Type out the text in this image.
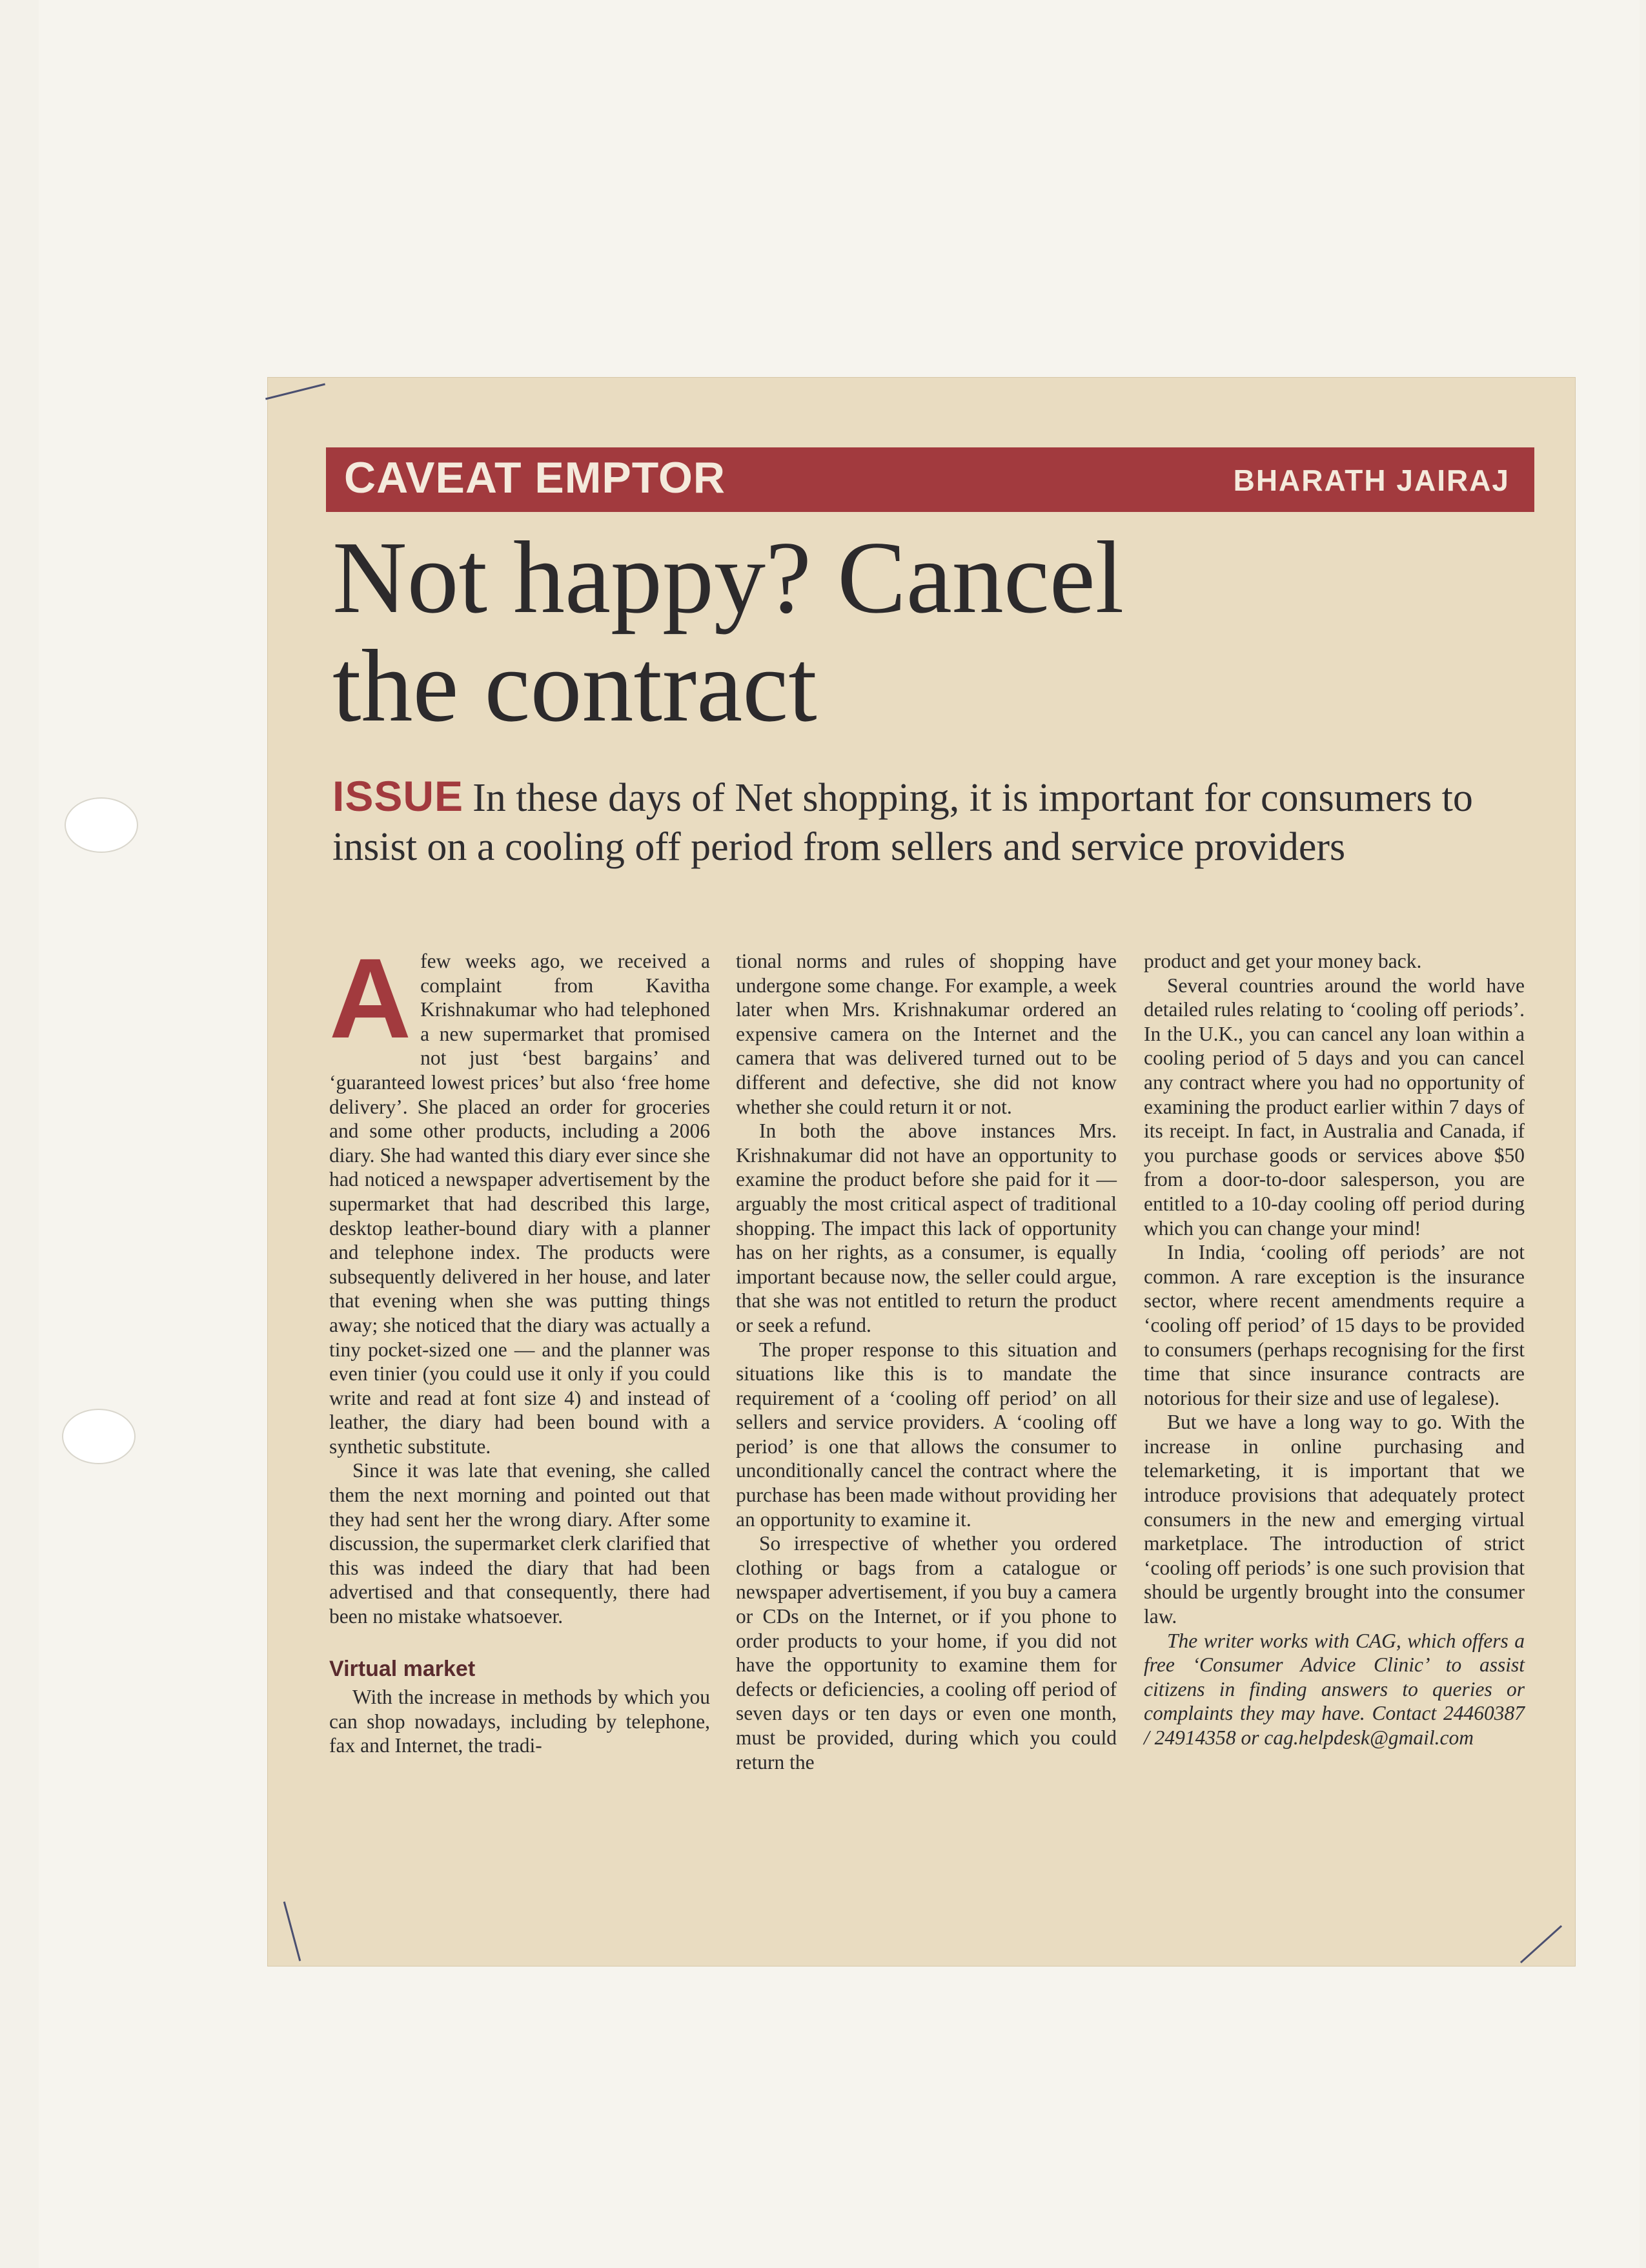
CAVEAT EMPTOR	BHARATH JAIRAJ
Not happy? Cancel
the contract

ISSUE In these days of Net shopping, it is important for consumers to insist on a cooling off period from sellers and service providers

A few weeks ago, we received a complaint from Kavitha Krishnakumar who had telephoned a new supermarket that promised not just ‘best bargains’ and ‘guaranteed lowest prices’ but also ‘free home delivery’. She placed an order for groceries and some other products, including a 2006 diary. She had wanted this diary ever since she had noticed a newspaper advertisement by the supermarket that had described this large, desktop leather-bound diary with a planner and telephone index. The products were subsequently delivered in her house, and later that evening when she was putting things away; she noticed that the diary was actually a tiny pocket-sized one — and the planner was even tinier (you could use it only if you could write and read at font size 4) and instead of leather, the diary had been bound with a synthetic substitute.

Since it was late that evening, she called them the next morning and pointed out that they had sent her the wrong diary. After some discussion, the supermarket clerk clarified that this was indeed the diary that had been advertised and that consequently, there had been no mistake whatsoever.

Virtual market

With the increase in methods by which you can shop nowadays, including by telephone, fax and Internet, the tradi-

tional norms and rules of shopping have undergone some change. For example, a week later when Mrs. Krishnakumar ordered an expensive camera on the Internet and the camera that was delivered turned out to be different and defective, she did not know whether she could return it or not.

In both the above instances Mrs. Krishnakumar did not have an opportunity to examine the product before she paid for it — arguably the most critical aspect of traditional shopping. The impact this lack of opportunity has on her rights, as a consumer, is equally important because now, the seller could argue, that she was not entitled to return the product or seek a refund.

The proper response to this situation and situations like this is to mandate the requirement of a ‘cooling off period’ on all sellers and service providers. A ‘cooling off period’ is one that allows the consumer to unconditionally cancel the contract where the purchase has been made without providing her an opportunity to examine it.

So irrespective of whether you ordered clothing or bags from a catalogue or newspaper advertisement, if you buy a camera or CDs on the Internet, or if you phone to order products to your home, if you did not have the opportunity to examine them for defects or deficiencies, a cooling off period of seven days or ten days or even one month, must be provided, during which you could return the

product and get your money back.

Several countries around the world have detailed rules relating to ‘cooling off periods’. In the U.K., you can cancel any loan within a cooling period of 5 days and you can cancel any contract where you had no opportunity of examining the product earlier within 7 days of its receipt. In fact, in Australia and Canada, if you purchase goods or services above $50 from a door-to-door salesperson, you are entitled to a 10-day cooling off period during which you can change your mind!

In India, ‘cooling off periods’ are not common. A rare exception is the insurance sector, where recent amendments require a ‘cooling off period’ of 15 days to be provided to consumers (perhaps recognising for the first time that since insurance contracts are notorious for their size and use of legalese).

But we have a long way to go. With the increase in online purchasing and telemarketing, it is important that we introduce provisions that adequately protect consumers in the new and emerging virtual marketplace. The introduction of strict ‘cooling off periods’ is one such provision that should be urgently brought into the consumer law.

The writer works with CAG, which offers a free ‘Consumer Advice Clinic’ to assist citizens in finding answers to queries or complaints they may have. Contact 24460387 / 24914358 or cag.helpdesk@gmail.com
